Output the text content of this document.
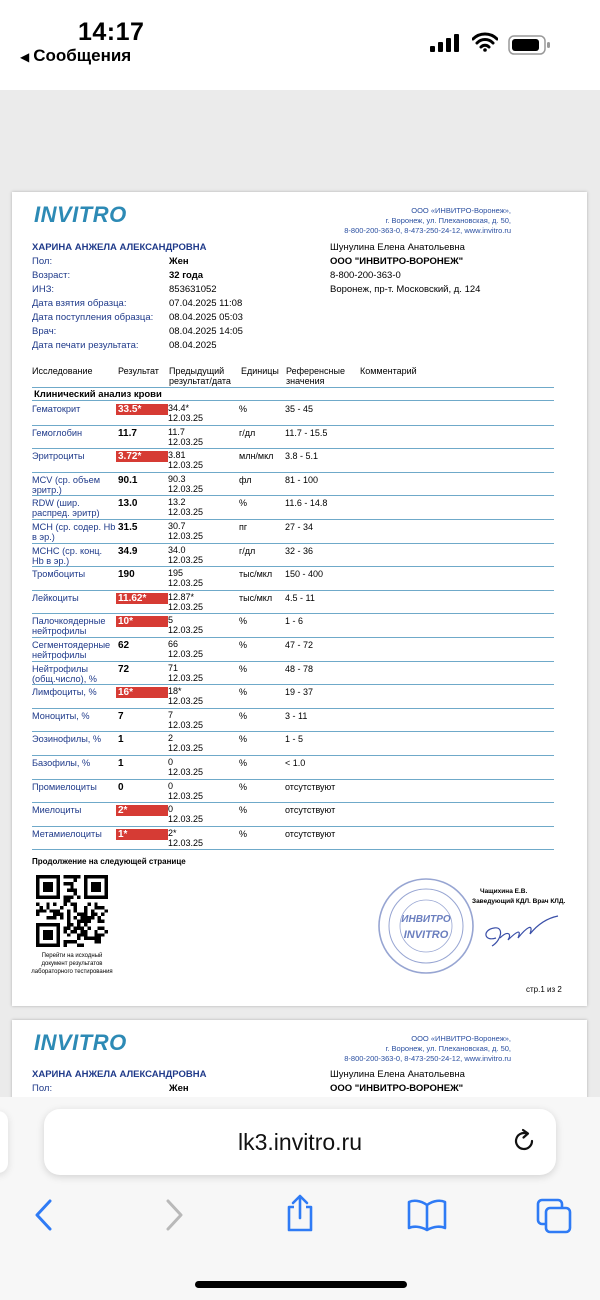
14:17
◀ Сообщения
INVITRO	ООО «ИНВИТРО-Воронеж»,
г. Воронеж, ул. Плехановская, д. 50,
8-800-200-363-0, 8-473-250-24-12, www.invitro.ru
ХАРИНА АНЖЕЛА АЛЕКСАНДРОВНА	Шунулина Елена Анатольевна
ООО "ИНВИТРО-ВОРОНЕЖ"
8-800-200-363-0
Воронеж, пр-т. Московский, д. 124
Пол:	Жен
Возраст:	32 года
ИНЗ:	853631052
Дата взятия образца:	07.04.2025 11:08
Дата поступления образца: 08.04.2025 05:03
Врач:	08.04.2025 14:05
Дата печати результата:	08.04.2025
Исследование	Результат Предыдущий
результат/дата
Единицы Референсные
значения
Комментарий
Клинический анализ крови
Гематокрит	33.5*	34.4*
12.03.25
%	35 - 45
Гемоглобин	11.7	11.7
12.03.25
г/дл	11.7 - 15.5
Эритроциты	3.72*	3.81
12.03.25
млн/мкл 3.8 - 5.1
MCV (ср. объем эритр.)
90.1	90.3
12.03.25
фл	81 - 100
RDW (шир. распред. эритр)
13.0	13.2
12.03.25
%	11.6 - 14.8
MCH (ср. содер. Hb в эр.)
31.5	30.7
12.03.25
пг	27 - 34
MCHC (ср. конц. Hb в эр.)
34.9	34.0
12.03.25
г/дл	32 - 36
Тромбоциты	190	195
12.03.25
тыс/мкл 150 - 400
Лейкоциты	11.62*	12.87*
12.03.25
тыс/мкл 4.5 - 11
Палочкоядерные нейтрофилы
10*	5
12.03.25
%	1 - 6
Сегментоядерные нейтрофилы
62	66
12.03.25
%	47 - 72
Нейтрофилы (общ.число), %
72	71
12.03.25
%	48 - 78
Лимфоциты, %	16*	18*
12.03.25
%	19 - 37
Моноциты, %	7	7
12.03.25
%	3 - 11
Эозинофилы, %	1	2
12.03.25
%	1 - 5
Базофилы, %	1	0
12.03.25
%	< 1.0
Промиелоциты	0	0
12.03.25
%	отсутствуют
Миелоциты	2*	0
12.03.25
%	отсутствуют
Метамиелоциты	1*	2*
12.03.25
%	отсутствуют
Продолжение на следующей странице
Перейти на исходный
документ результатов
лабораторного тестирования
ИНВИТРО
INVITRO
Чащихина Е.В.
Заведующий КДЛ. Врач КЛД.
стр.1 из 2
INVITRO	ООО «ИНВИТРО-Воронеж»,
г. Воронеж, ул. Плехановская, д. 50,
8-800-200-363-0, 8-473-250-24-12, www.invitro.ru
ХАРИНА АНЖЕЛА АЛЕКСАНДРОВНА
Пол:	Жен
Шунулина Елена Анатольевна
ООО "ИНВИТРО-ВОРОНЕЖ"
lk3.invitro.ru
